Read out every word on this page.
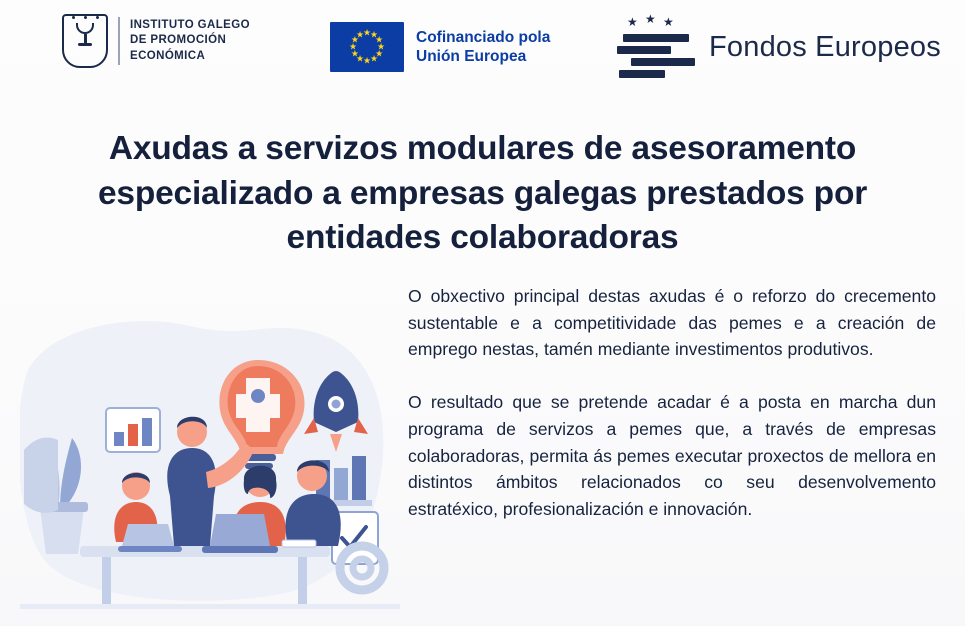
INSTITUTO GALEGO
DE PROMOCIÓN
ECONÓMICA
★
★
★
★
★
★
★
★
★
★
★
★	Cofinanciado pola
Unión Europea
★ ★ ★
Fondos Europeos
Axudas a servizos modulares de asesoramento especializado a empresas galegas prestados por entidades colaboradoras

O obxectivo principal destas axudas é o reforzo do crecemento sustentable e a competitividade das pemes e a creación de emprego nestas, tamén mediante investimentos produtivos.

O resultado que se pretende acadar é a posta en marcha dun programa de servizos a pemes que, a través de empresas colaboradoras, permita ás pemes executar proxectos de mellora en distintos ámbitos relacionados co seu desenvolvemento estratéxico, profesionalización e innovación.
